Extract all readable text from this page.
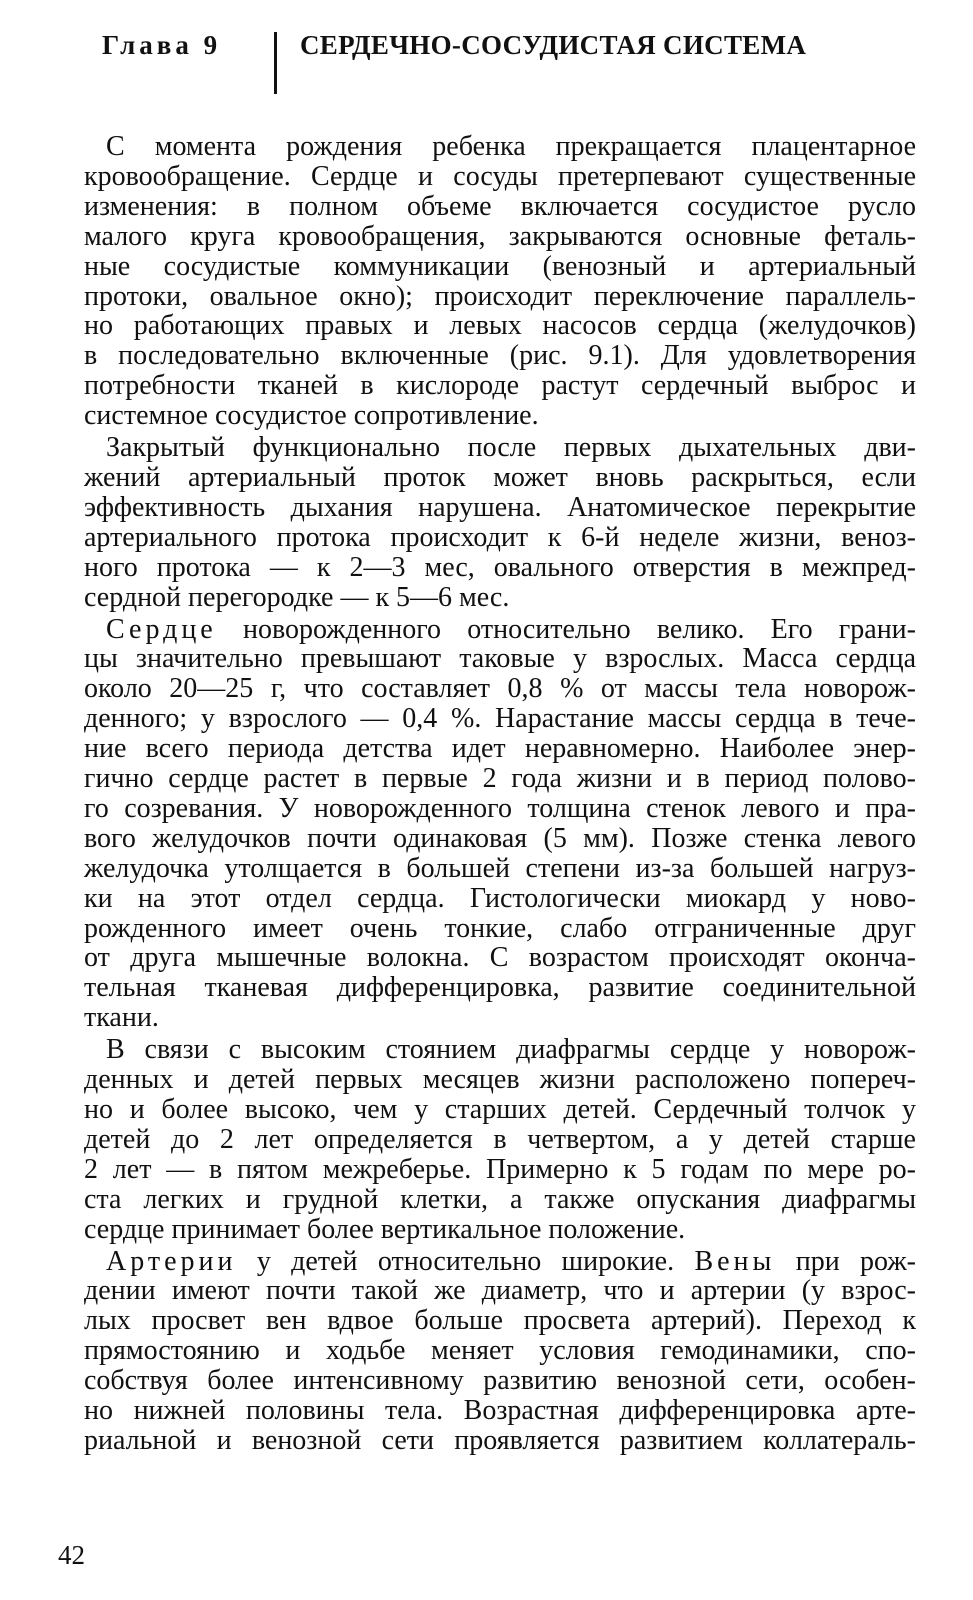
Глава 9	СЕРДЕЧНО-СОСУДИСТАЯ СИСТЕМА
С момента рождения ребенка прекращается плацентарное
кровообращение. Сердце и сосуды претерпевают существенные
изменения: в полном объеме включается сосудистое русло
малого круга кровообращения, закрываются основные феталь-
ные сосудистые коммуникации (венозный и артериальный
протоки, овальное окно); происходит переключение параллель-
но работающих правых и левых насосов сердца (желудочков)
в последовательно включенные (рис. 9.1). Для удовлетворения
потребности тканей в кислороде растут сердечный выброс и
системное сосудистое сопротивление.
Закрытый функционально после первых дыхательных дви-
жений артериальный проток может вновь раскрыться, если
эффективность дыхания нарушена. Анатомическое перекрытие
артериального протока происходит к 6-й неделе жизни, веноз-
ного протока — к 2—3 мес, овального отверстия в межпред-
сердной перегородке — к 5—6 мес.
Сердце новорожденного относительно велико. Его грани-
цы значительно превышают таковые у взрослых. Масса сердца
около 20—25 г, что составляет 0,8 % от массы тела новорож-
денного; у взрослого — 0,4 %. Нарастание массы сердца в тече-
ние всего периода детства идет неравномерно. Наиболее энер-
гично сердце растет в первые 2 года жизни и в период полово-
го созревания. У новорожденного толщина стенок левого и пра-
вого желудочков почти одинаковая (5 мм). Позже стенка левого
желудочка утолщается в большей степени из-за большей нагруз-
ки на этот отдел сердца. Гистологически миокард у ново-
рожденного имеет очень тонкие, слабо отграниченные друг
от друга мышечные волокна. С возрастом происходят оконча-
тельная тканевая дифференцировка, развитие соединительной
ткани.
В связи с высоким стоянием диафрагмы сердце у новорож-
денных и детей первых месяцев жизни расположено попереч-
но и более высоко, чем у старших детей. Сердечный толчок у
детей до 2 лет определяется в четвертом, а у детей старше
2 лет — в пятом межреберье. Примерно к 5 годам по мере ро-
ста легких и грудной клетки, а также опускания диафрагмы
сердце принимает более вертикальное положение.
Артерии у детей относительно широкие. Вены при рож-
дении имеют почти такой же диаметр, что и артерии (у взрос-
лых просвет вен вдвое больше просвета артерий). Переход к
прямостоянию и ходьбе меняет условия гемодинамики, спо-
собствуя более интенсивному развитию венозной сети, особен-
но нижней половины тела. Возрастная дифференцировка арте-
риальной и венозной сети проявляется развитием коллатераль-
42
